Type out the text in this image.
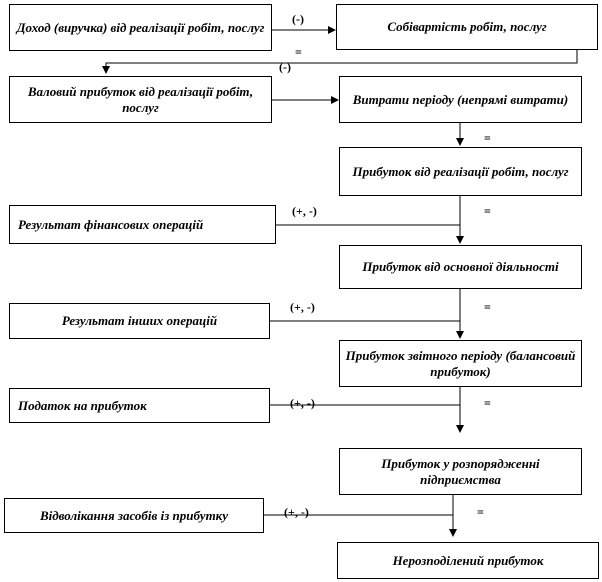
Доход (виручка) від реалізації робіт, послуг	Собівартість робіт, послуг
Валовий прибуток від реалізації робіт, послуг
Витрати періоду (непрямі витрати)
Прибуток від реалізації робіт, послуг
Результат фінансових операцій
Прибуток від основної діяльності
Результат інших операцій
Прибуток звітного періоду (балансовий прибуток)
Податок на прибуток
Прибуток у розпорядженні підприємства
Відволікання засобів із прибутку
Нерозподілений прибуток
(-)
=
(-)
=
(+, -)	=
(+, -)	=
(+, -)	=
(+, -)	=
